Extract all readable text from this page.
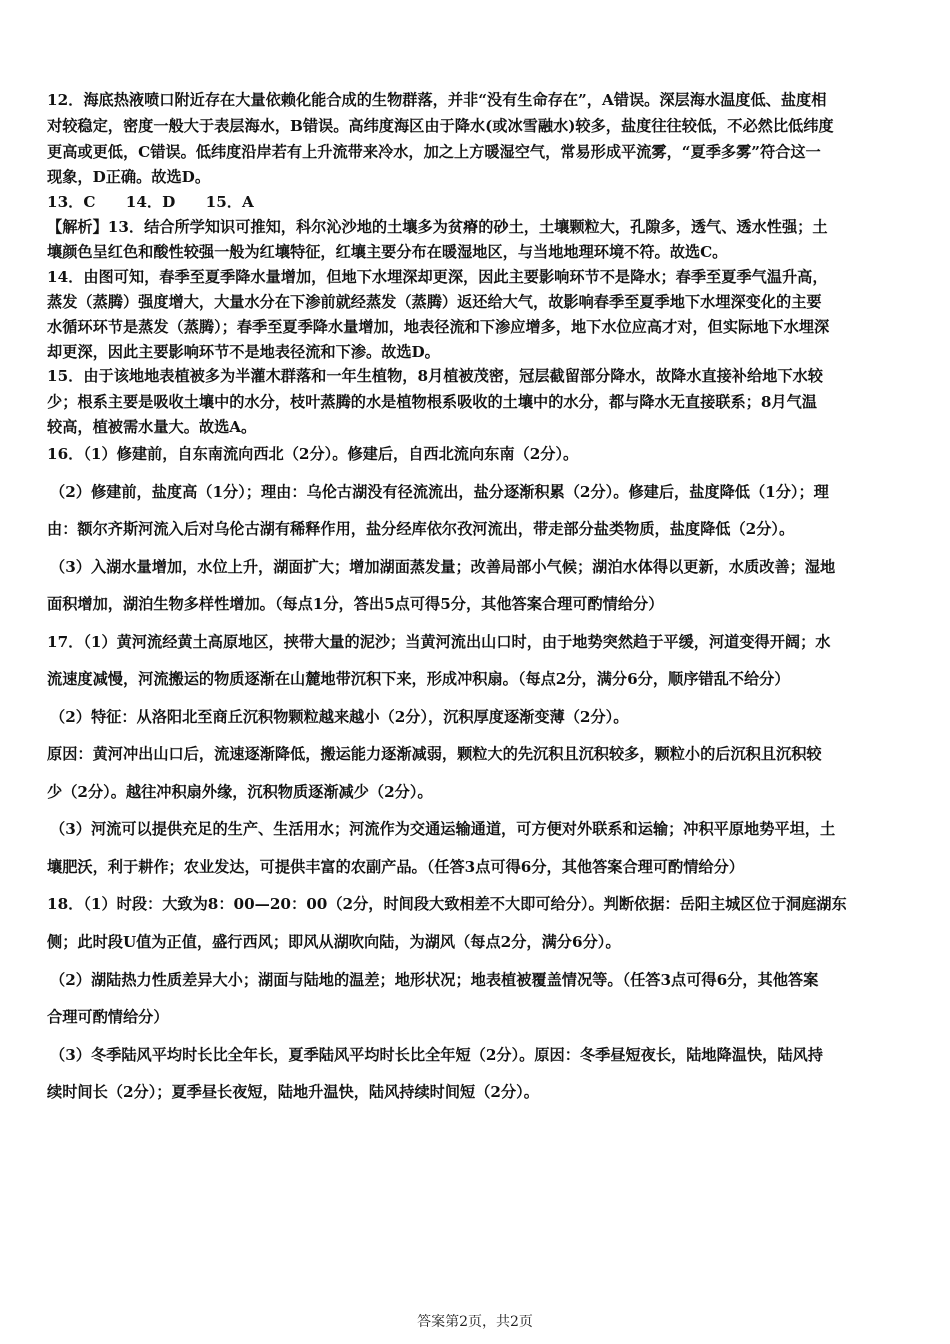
12．海底热液喷口附近存在大量依赖化能合成的生物群落，并非“没有生命存在”，A错误。深层海水温度低、盐度相
对较稳定，密度一般大于表层海水，B错误。高纬度海区由于降水(或冰雪融水)较多，盐度往往较低，不必然比低纬度
更高或更低，C错误。低纬度沿岸若有上升流带来冷水，加之上方暖湿空气，常易形成平流雾，“夏季多雾”符合这一
现象，D正确。故选D。
13．C　　14．D　　15．A
【解析】13．结合所学知识可推知，科尔沁沙地的土壤多为贫瘠的砂土，土壤颗粒大，孔隙多，透气、透水性强；土
壤颜色呈红色和酸性较强一般为红壤特征，红壤主要分布在暖湿地区，与当地地理环境不符。故选C。
14．由图可知，春季至夏季降水量增加，但地下水埋深却更深，因此主要影响环节不是降水；春季至夏季气温升高，
蒸发（蒸腾）强度增大，大量水分在下渗前就经蒸发（蒸腾）返还给大气，故影响春季至夏季地下水埋深变化的主要
水循环环节是蒸发（蒸腾）；春季至夏季降水量增加，地表径流和下渗应增多，地下水位应高才对，但实际地下水埋深
却更深，因此主要影响环节不是地表径流和下渗。故选D。
15．由于该地地表植被多为半灌木群落和一年生植物，8月植被茂密，冠层截留部分降水，故降水直接补给地下水较
少；根系主要是吸收土壤中的水分，枝叶蒸腾的水是植物根系吸收的土壤中的水分，都与降水无直接联系；8月气温
较高，植被需水量大。故选A。
16．（1）修建前，自东南流向西北（2分）。修建后，自西北流向东南（2分）。
（2）修建前，盐度高（1分）；理由：乌伦古湖没有径流流出，盐分逐渐积累（2分）。修建后，盐度降低（1分）；理
由：额尔齐斯河流入后对乌伦古湖有稀释作用，盐分经库依尔孜河流出，带走部分盐类物质，盐度降低（2分）。
（3）入湖水量增加，水位上升，湖面扩大；增加湖面蒸发量；改善局部小气候；湖泊水体得以更新，水质改善；湿地
面积增加，湖泊生物多样性增加。（每点1分，答出5点可得5分，其他答案合理可酌情给分）
17．（1）黄河流经黄土高原地区，挟带大量的泥沙；当黄河流出山口时，由于地势突然趋于平缓，河道变得开阔；水
流速度减慢，河流搬运的物质逐渐在山麓地带沉积下来，形成冲积扇。（每点2分，满分6分，顺序错乱不给分）
（2）特征：从洛阳北至商丘沉积物颗粒越来越小（2分），沉积厚度逐渐变薄（2分）。
原因：黄河冲出山口后，流速逐渐降低，搬运能力逐渐减弱，颗粒大的先沉积且沉积较多，颗粒小的后沉积且沉积较
少（2分）。越往冲积扇外缘，沉积物质逐渐减少（2分）。
（3）河流可以提供充足的生产、生活用水；河流作为交通运输通道，可方便对外联系和运输；冲积平原地势平坦，土
壤肥沃，利于耕作；农业发达，可提供丰富的农副产品。（任答3点可得6分，其他答案合理可酌情给分）
18．（1）时段：大致为8：00—20：00（2分，时间段大致相差不大即可给分）。判断依据：岳阳主城区位于洞庭湖东
侧；此时段U值为正值，盛行西风；即风从湖吹向陆，为湖风（每点2分，满分6分）。
（2）湖陆热力性质差异大小；湖面与陆地的温差；地形状况；地表植被覆盖情况等。（任答3点可得6分，其他答案
合理可酌情给分）
（3）冬季陆风平均时长比全年长，夏季陆风平均时长比全年短（2分）。原因：冬季昼短夜长，陆地降温快，陆风持
续时间长（2分）；夏季昼长夜短，陆地升温快，陆风持续时间短（2分）。
答案第2页，共2页
